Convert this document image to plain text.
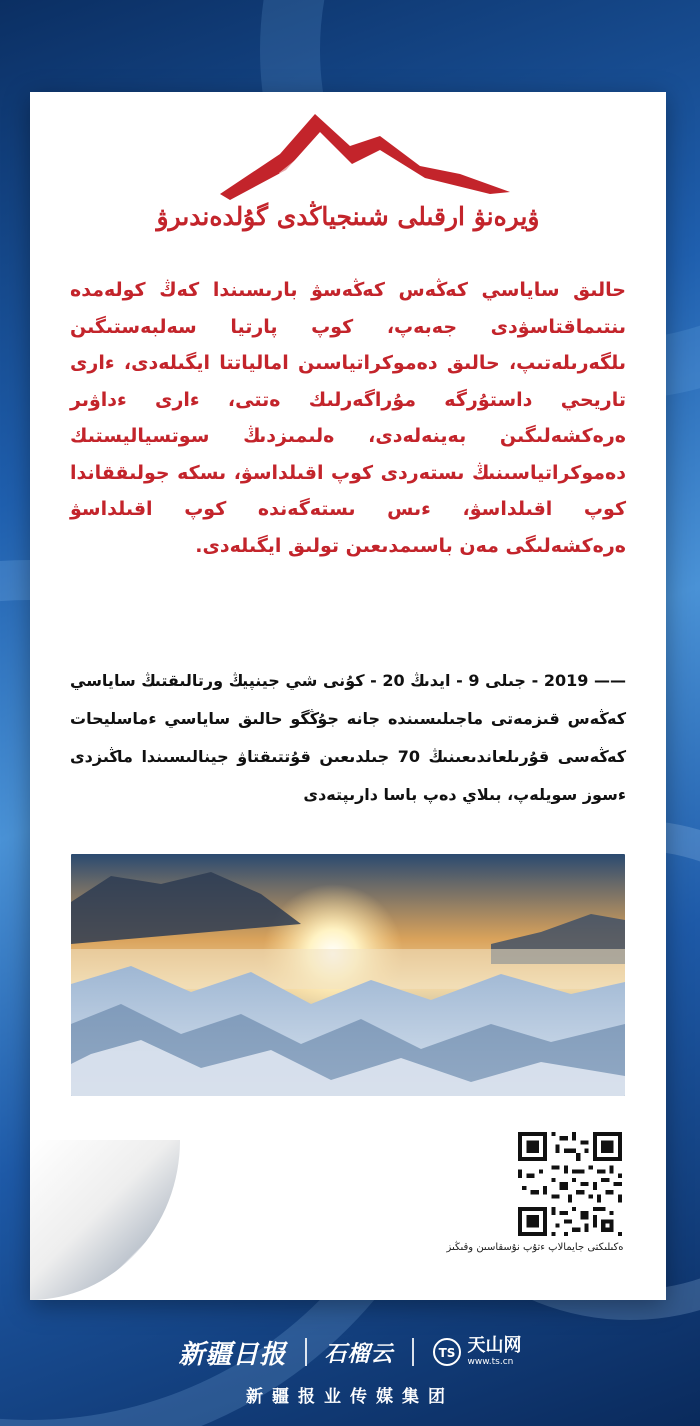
ۋيرەنۋ ارقىلى شىنجياڭدى گۇلدەندىرۋ

حالىق ساياسي كەڭەس كەڭەسۋ بارىسىندا كەڭ كولەمدە ىنتىماقتاسۋدى جەبەپ، كوپ پارتيا سەلبەستىگىن ىلگەرىلەتىپ، حالىق دەموكراتياسىن امالياتتا ايگىلەدى، ءارى تاريحي داستۇرگە مۇراگەرلىك ەتتى، ءارى ءداۋىر ەرەكشەلىگىن بەينەلەدى، ەلىمىزدىڭ سوتسياليستىك دەموكراتياسىنىڭ ىستەردى كوپ اقىلداسۋ، ىسكە جولىققاندا كوپ اقىلداسۋ، ءىس ىستەگەندە كوپ اقىلداسۋ ەرەكشەلىگى مەن باسىمدىعىن تولىق ايگىلەدى.

—— 2019 - جىلى 9 - ايدىڭ 20 - كۇنى شي جينپيڭ ورتالىقتىڭ ساياسي كەڭەس قىزمەتى ماجىلىسىندە جانە جۇڭگو حالىق ساياسي ءماسليحات كەڭەسى قۇرىلعاندىعىنىڭ 70 جىلدىعىن قۇتتىقتاۋ جينالىسىندا ماڭىزدى ءسوز سويلەپ، بىلاي دەپ باسا دارىپتەدى

ەكىلىكتى جايمالاپ ءتۇپ نۇسقاسىن وقىڭىز
新疆日报 石榴云	TS 天山网
www.ts.cn
新疆报业传媒集团
